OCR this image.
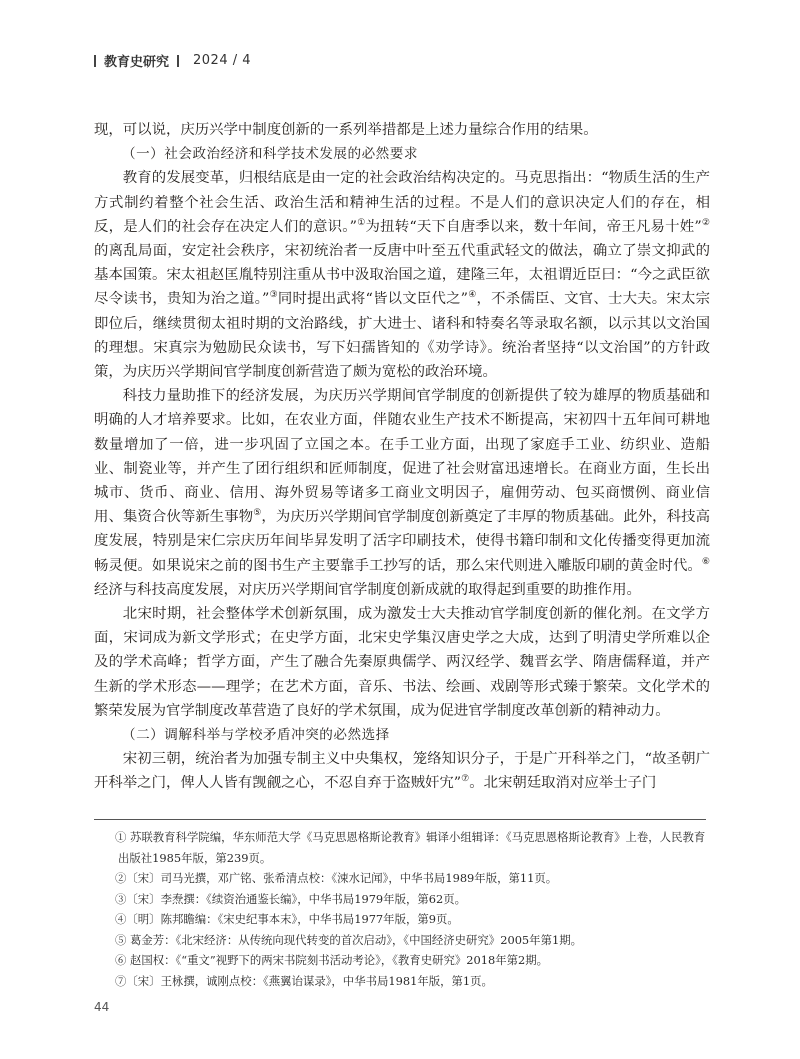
教育史研究 2024 / 4

现，可以说，庆历兴学中制度创新的一系列举措都是上述力量综合作用的结果。

（一）社会政治经济和科学技术发展的必然要求

教育的发展变革，归根结底是由一定的社会政治结构决定的。马克思指出：“物质生活的生产方式制约着整个社会生活、政治生活和精神生活的过程。不是人们的意识决定人们的存在，相反，是人们的社会存在决定人们的意识。”①为扭转“天下自唐季以来，数十年间，帝王凡易十姓”②的离乱局面，安定社会秩序，宋初统治者一反唐中叶至五代重武轻文的做法，确立了崇文抑武的基本国策。宋太祖赵匡胤特别注重从书中汲取治国之道，建隆三年，太祖谓近臣曰：“今之武臣欲尽令读书，贵知为治之道。”③同时提出武将“皆以文臣代之”④，不杀儒臣、文官、士大夫。宋太宗即位后，继续贯彻太祖时期的文治路线，扩大进士、诸科和特奏名等录取名额，以示其以文治国的理想。宋真宗为勉励民众读书，写下妇孺皆知的《劝学诗》。统治者坚持“以文治国”的方针政策，为庆历兴学期间官学制度创新营造了颇为宽松的政治环境。

科技力量助推下的经济发展，为庆历兴学期间官学制度的创新提供了较为雄厚的物质基础和明确的人才培养要求。比如，在农业方面，伴随农业生产技术不断提高，宋初四十五年间可耕地数量增加了一倍，进一步巩固了立国之本。在手工业方面，出现了家庭手工业、纺织业、造船业、制瓷业等，并产生了团行组织和匠师制度，促进了社会财富迅速增长。在商业方面，生长出城市、货币、商业、信用、海外贸易等诸多工商业文明因子，雇佣劳动、包买商惯例、商业信用、集资合伙等新生事物⑤，为庆历兴学期间官学制度创新奠定了丰厚的物质基础。此外，科技高度发展，特别是宋仁宗庆历年间毕昇发明了活字印刷技术，使得书籍印制和文化传播变得更加流畅灵便。如果说宋之前的图书生产主要靠手工抄写的话，那么宋代则进入雕版印刷的黄金时代。⑥经济与科技高度发展，对庆历兴学期间官学制度创新成就的取得起到重要的助推作用。

北宋时期，社会整体学术创新氛围，成为激发士大夫推动官学制度创新的催化剂。在文学方面，宋词成为新文学形式；在史学方面，北宋史学集汉唐史学之大成，达到了明清史学所难以企及的学术高峰；哲学方面，产生了融合先秦原典儒学、两汉经学、魏晋玄学、隋唐儒释道，并产生新的学术形态——理学；在艺术方面，音乐、书法、绘画、戏剧等形式臻于繁荣。文化学术的繁荣发展为官学制度改革营造了良好的学术氛围，成为促进官学制度改革创新的精神动力。

（二）调解科举与学校矛盾冲突的必然选择

宋初三朝，统治者为加强专制主义中央集权，笼络知识分子，于是广开科举之门，“故圣朝广开科举之门，俾人人皆有觊觎之心，不忍自弃于盗贼奸宄”⑦。北宋朝廷取消对应举士子门

① 苏联教育科学院编，华东师范大学《马克思恩格斯论教育》辑译小组辑译：《马克思恩格斯论教育》上卷，人民教育出版社1985年版，第239页。
②〔宋〕司马光撰，邓广铭、张希清点校：《涑水记闻》，中华书局1989年版，第11页。
③〔宋〕李焘撰：《续资治通鉴长编》，中华书局1979年版，第62页。
④〔明〕陈邦瞻编：《宋史纪事本末》，中华书局1977年版，第9页。
⑤ 葛金芳：《北宋经济：从传统向现代转变的首次启动》，《中国经济史研究》2005年第1期。
⑥ 赵国权：《“重文”视野下的两宋书院刻书活动考论》，《教育史研究》2018年第2期。
⑦〔宋〕王栐撰，诚刚点校：《燕翼诒谋录》，中华书局1981年版，第1页。
44
